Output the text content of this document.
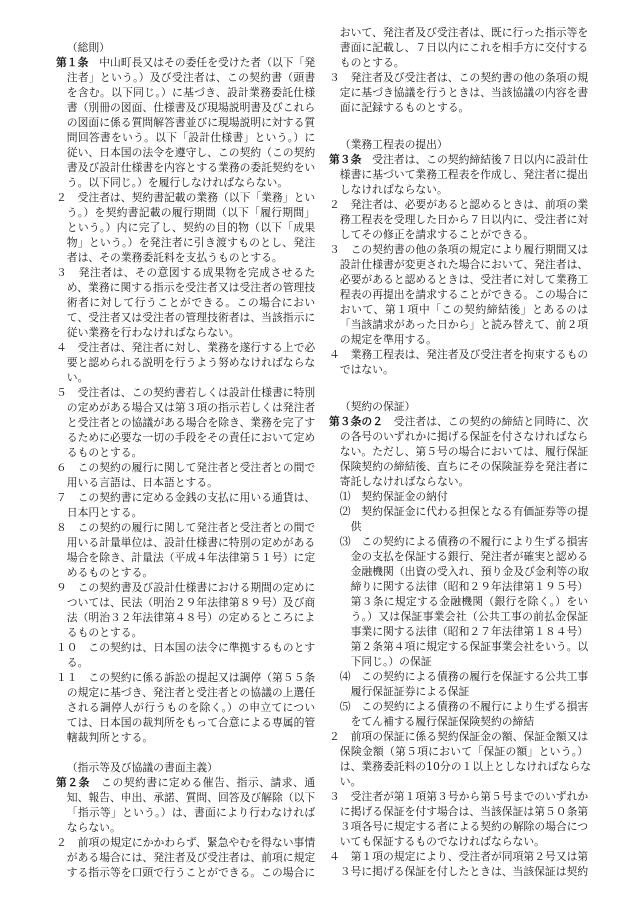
（総則）
第１条　中山町長又はその委任を受けた者（以下「発
注者」という。）及び受注者は、この契約書（頭書
を含む。以下同じ。）に基づき、設計業務委託仕様
書（別冊の図面、仕様書及び現場説明書及びこれら
の図面に係る質問解答書並びに現場説明に対する質
問回答書をいう。以下「設計仕様書」という。）に
従い、日本国の法令を遵守し、この契約（この契約
書及び設計仕様書を内容とする業務の委託契約をい
う。以下同じ。）を履行しなければならない。
２　受注者は、契約書記載の業務（以下「業務」とい
う。）を契約書記載の履行期間（以下「履行期間」
という。）内に完了し、契約の目的物（以下「成果
物」という。）を発注者に引き渡すものとし、発注
者は、その業務委託料を支払うものとする。
３　発注者は、その意図する成果物を完成させるた
め、業務に関する指示を受注者又は受注者の管理技
術者に対して行うことができる。この場合におい
て、受注者又は受注者の管理技術者は、当該指示に
従い業務を行わなければならない。
４　受注者は、発注者に対し、業務を遂行する上で必
要と認められる説明を行うよう努めなければならな
い。
５　受注者は、この契約書若しくは設計仕様書に特別
の定めがある場合又は第３項の指示若しくは発注者
と受注者との協議がある場合を除き、業務を完了す
るために必要な一切の手段をその責任において定め
るものとする。
６　この契約の履行に関して発注者と受注者との間で
用いる言語は、日本語とする。
７　この契約書に定める金銭の支払に用いる通貨は、
日本円とする。
８　この契約の履行に関して発注者と受注者との間で
用いる計量単位は、設計仕様書に特別の定めがある
場合を除き、計量法（平成４年法律第５１号）に定
めるものとする。
９　この契約書及び設計仕様書における期間の定めに
ついては、民法（明治２９年法律第８９号）及び商
法（明治３２年法律第４８号）の定めるところによ
るものとする。
１０　この契約は、日本国の法令に準拠するものとす
る。
１１　この契約に係る訴訟の提起又は調停（第５５条
の規定に基づき、発注者と受注者との協議の上選任
される調停人が行うものを除く。）の申立てについ
ては、日本国の裁判所をもって合意による専属的管
轄裁判所とする。
（指示等及び協議の書面主義）
第２条　この契約書に定める催告、指示、請求、通
知、報告、申出、承諾、質問、回答及び解除（以下
「指示等」という。）は、書面により行わなければ
ならない。
２　前項の規定にかかわらず、緊急やむを得ない事情
がある場合には、発注者及び受注者は、前項に規定
する指示等を口頭で行うことができる。この場合に
おいて、発注者及び受注者は、既に行った指示等を
書面に記載し、７日以内にこれを相手方に交付する
ものとする。
３　発注者及び受注者は、この契約書の他の条項の規
定に基づき協議を行うときは、当該協議の内容を書
面に記録するものとする。
（業務工程表の提出）
第３条　受注者は、この契約締結後７日以内に設計仕
様書に基づいて業務工程表を作成し、発注者に提出
しなければならない。
２　発注者は、必要があると認めるときは、前項の業
務工程表を受理した日から７日以内に、受注者に対
してその修正を請求することができる。
３　この契約書の他の条項の規定により履行期間又は
設計仕様書が変更された場合において、発注者は、
必要があると認めるときは、受注者に対して業務工
程表の再提出を請求することができる。この場合に
おいて、第１項中「この契約締結後」とあるのは
「当該請求があった日から」と読み替えて、前２項
の規定を準用する。
４　業務工程表は、発注者及び受注者を拘束するもの
ではない。
（契約の保証）
第３条の２　受注者は、この契約の締結と同時に、次
の各号のいずれかに掲げる保証を付さなければなら
ない。ただし、第５号の場合においては、履行保証
保険契約の締結後、直ちにその保険証券を発注者に
寄託しなければならない。
⑴　契約保証金の納付
⑵　契約保証金に代わる担保となる有価証券等の提
供
⑶　この契約による債務の不履行により生ずる損害
金の支払を保証する銀行、発注者が確実と認める
金融機関（出資の受入れ、預り金及び金利等の取
締りに関する法律（昭和２９年法律第１９５号）
第３条に規定する金融機関（銀行を除く。）をい
う。）又は保証事業会社（公共工事の前払金保証
事業に関する法律（昭和２７年法律第１８４号）
第２条第４項に規定する保証事業会社をいう。以
下同じ。）の保証
⑷　この契約による債務の履行を保証する公共工事
履行保証証券による保証
⑸　この契約による債務の不履行により生ずる損害
をてん補する履行保証保険契約の締結
２　前項の保証に係る契約保証金の額、保証金額又は
保険金額（第５項において「保証の額」という。）
は、業務委託料の10分の１以上としなければならな
い。
３　受注者が第１項第３号から第５号までのいずれか
に掲げる保証を付す場合は、当該保証は第５０条第
３項各号に規定する者による契約の解除の場合につ
いても保証するものでなければならない。
４　第１項の規定により、受注者が同項第２号又は第
３号に掲げる保証を付したときは、当該保証は契約
